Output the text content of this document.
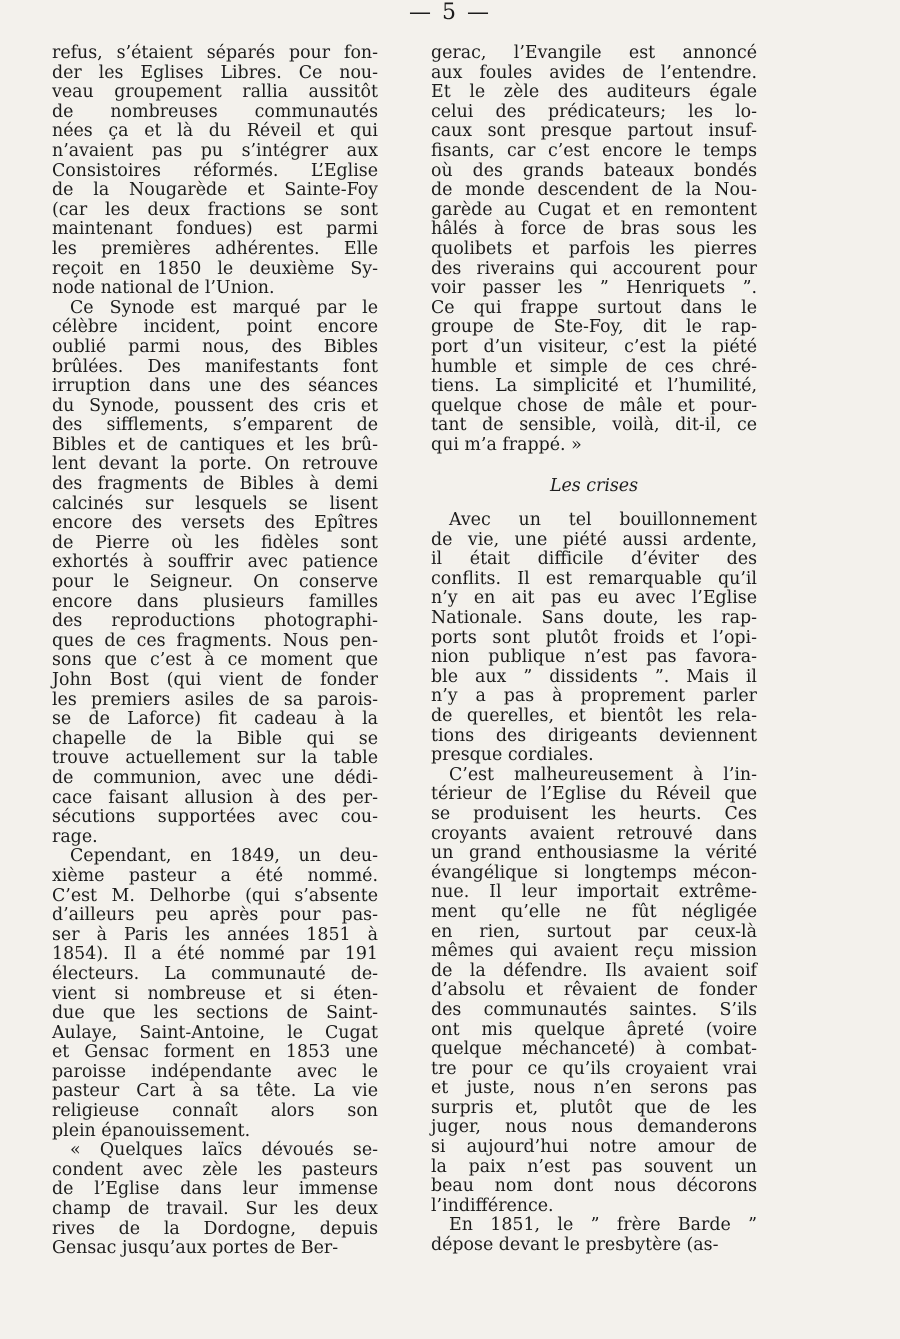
— 5 —

refus, s’étaient séparés pour fon-
der les Eglises Libres. Ce nou-
veau groupement rallia aussitôt
de nombreuses communautés
nées ça et là du Réveil et qui
n’avaient pas pu s’intégrer aux
Consistoires réformés. L’Eglise
de la Nougarède et Sainte-Foy
(car les deux fractions se sont
maintenant fondues) est parmi
les premières adhérentes. Elle
reçoit en 1850 le deuxième Sy-
node national de l’Union.

Ce Synode est marqué par le
célèbre incident, point encore
oublié parmi nous, des Bibles
brûlées. Des manifestants font
irruption dans une des séances
du Synode, poussent des cris et
des sifflements, s’emparent de
Bibles et de cantiques et les brû-
lent devant la porte. On retrouve
des fragments de Bibles à demi
calcinés sur lesquels se lisent
encore des versets des Epîtres
de Pierre où les fidèles sont
exhortés à souffrir avec patience
pour le Seigneur. On conserve
encore dans plusieurs familles
des reproductions photographi-
ques de ces fragments. Nous pen-
sons que c’est à ce moment que
John Bost (qui vient de fonder
les premiers asiles de sa parois-
se de Laforce) fit cadeau à la
chapelle de la Bible qui se
trouve actuellement sur la table
de communion, avec une dédi-
cace faisant allusion à des per-
sécutions supportées avec cou-
rage.

Cependant, en 1849, un deu-
xième pasteur a été nommé.
C’est M. Delhorbe (qui s’absente
d’ailleurs peu après pour pas-
ser à Paris les années 1851 à
1854). Il a été nommé par 191
électeurs. La communauté de-
vient si nombreuse et si éten-
due que les sections de Saint-
Aulaye, Saint-Antoine, le Cugat
et Gensac forment en 1853 une
paroisse indépendante avec le
pasteur Cart à sa tête. La vie
religieuse connaît alors son
plein épanouissement.

« Quelques laïcs dévoués se-
condent avec zèle les pasteurs
de l’Eglise dans leur immense
champ de travail. Sur les deux
rives de la Dordogne, depuis
Gensac jusqu’aux portes de Ber-

gerac, l’Evangile est annoncé
aux foules avides de l’entendre.
Et le zèle des auditeurs égale
celui des prédicateurs; les lo-
caux sont presque partout insuf-
fisants, car c’est encore le temps
où des grands bateaux bondés
de monde descendent de la Nou-
garède au Cugat et en remontent
hâlés à force de bras sous les
quolibets et parfois les pierres
des riverains qui accourent pour
voir passer les ” Henriquets ”.
Ce qui frappe surtout dans le
groupe de Ste-Foy, dit le rap-
port d’un visiteur, c’est la piété
humble et simple de ces chré-
tiens. La simplicité et l’humilité,
quelque chose de mâle et pour-
tant de sensible, voilà, dit-il, ce
qui m’a frappé. »

Les crises

Avec un tel bouillonnement
de vie, une piété aussi ardente,
il était difficile d’éviter des
conflits. Il est remarquable qu’il
n’y en ait pas eu avec l’Eglise
Nationale. Sans doute, les rap-
ports sont plutôt froids et l’opi-
nion publique n’est pas favora-
ble aux ” dissidents ”. Mais il
n’y a pas à proprement parler
de querelles, et bientôt les rela-
tions des dirigeants deviennent
presque cordiales.

C’est malheureusement à l’in-
térieur de l’Eglise du Réveil que
se produisent les heurts. Ces
croyants avaient retrouvé dans
un grand enthousiasme la vérité
évangélique si longtemps mécon-
nue. Il leur importait extrême-
ment qu’elle ne fût négligée
en rien, surtout par ceux-là
mêmes qui avaient reçu mission
de la défendre. Ils avaient soif
d’absolu et rêvaient de fonder
des communautés saintes. S’ils
ont mis quelque âpreté (voire
quelque méchanceté) à combat-
tre pour ce qu’ils croyaient vrai
et juste, nous n’en serons pas
surpris et, plutôt que de les
juger, nous nous demanderons
si aujourd’hui notre amour de
la paix n’est pas souvent un
beau nom dont nous décorons
l’indifférence.

En 1851, le ” frère Barde ”
dépose devant le presbytère (as-
